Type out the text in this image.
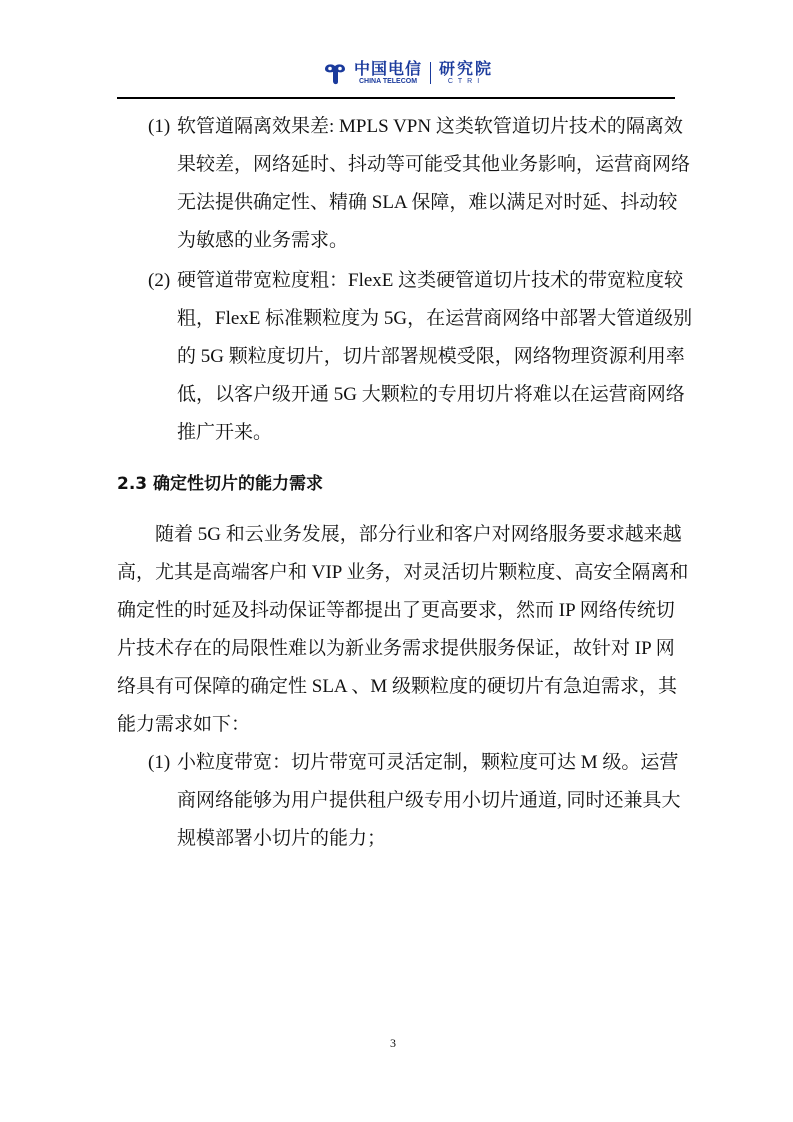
中国电信
CHINA TELECOM
研究院
CTRI
(1) 软管道隔离效果差: MPLS VPN 这类软管道切片技术的隔离效
果较差，网络延时、抖动等可能受其他业务影响，运营商网络
无法提供确定性、精确 SLA 保障，难以满足对时延、抖动较
为敏感的业务需求。
(2) 硬管道带宽粒度粗：FlexE 这类硬管道切片技术的带宽粒度较
粗，FlexE 标准颗粒度为 5G，在运营商网络中部署大管道级别
的 5G 颗粒度切片，切片部署规模受限，网络物理资源利用率
低，以客户级开通 5G 大颗粒的专用切片将难以在运营商网络
推广开来。
2.3 确定性切片的能力需求
随着 5G 和云业务发展，部分行业和客户对网络服务要求越来越
高，尤其是高端客户和 VIP 业务，对灵活切片颗粒度、高安全隔离和
确定性的时延及抖动保证等都提出了更高要求，然而 IP 网络传统切
片技术存在的局限性难以为新业务需求提供服务保证，故针对 IP 网
络具有可保障的确定性 SLA 、M 级颗粒度的硬切片有急迫需求，其
能力需求如下：
(1) 小粒度带宽：切片带宽可灵活定制，颗粒度可达 M 级。运营
商网络能够为用户提供租户级专用小切片通道, 同时还兼具大
规模部署小切片的能力；
3
